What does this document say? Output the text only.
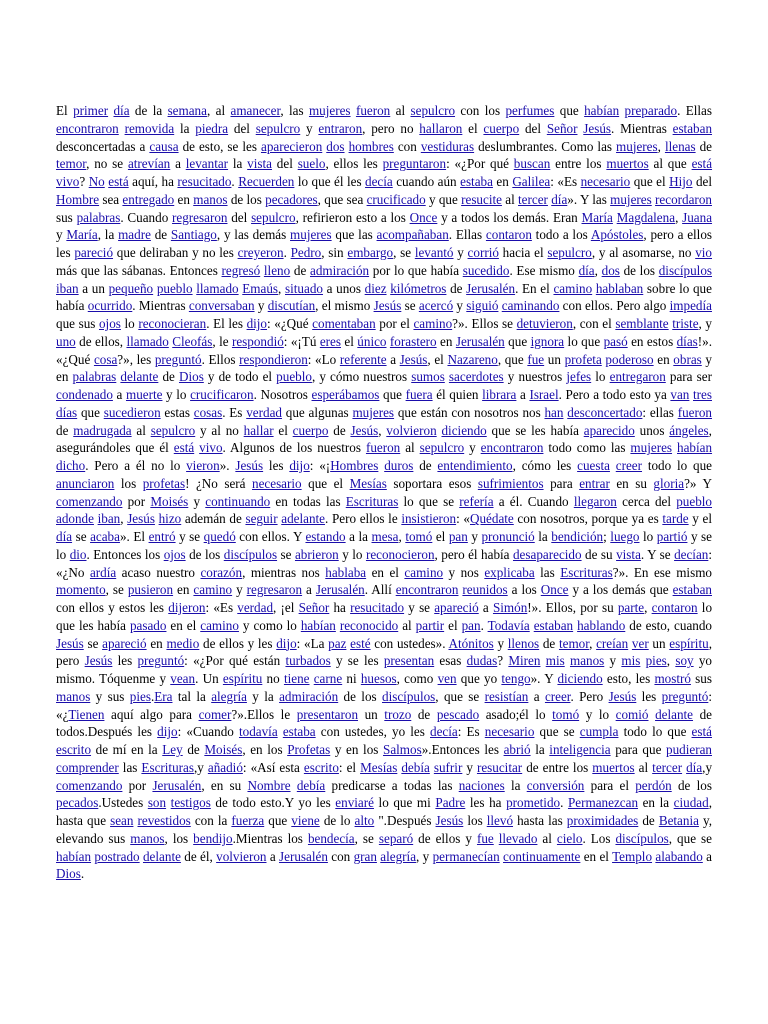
El primer día de la semana, al amanecer, las mujeres fueron al sepulcro con los perfumes que habían preparado. Ellas encontraron removida la piedra del sepulcro y entraron, pero no hallaron el cuerpo del Señor Jesús. Mientras estaban desconcertadas a causa de esto, se les aparecieron dos hombres con vestiduras deslumbrantes. Como las mujeres, llenas de temor, no se atrevían a levantar la vista del suelo, ellos les preguntaron: «¿Por qué buscan entre los muertos al que está vivo? No está aquí, ha resucitado. Recuerden lo que él les decía cuando aún estaba en Galilea: «Es necesario que el Hijo del Hombre sea entregado en manos de los pecadores, que sea crucificado y que resucite al tercer día». Y las mujeres recordaron sus palabras. Cuando regresaron del sepulcro, refirieron esto a los Once y a todos los demás. Eran María Magdalena, Juana y María, la madre de Santiago, y las demás mujeres que las acompañaban. Ellas contaron todo a los Apóstoles, pero a ellos les pareció que deliraban y no les creyeron. Pedro, sin embargo, se levantó y corrió hacia el sepulcro, y al asomarse, no vio más que las sábanas. Entonces regresó lleno de admiración por lo que había sucedido. Ese mismo día, dos de los discípulos iban a un pequeño pueblo llamado Emaús, situado a unos diez kilómetros de Jerusalén. En el camino hablaban sobre lo que había ocurrido. Mientras conversaban y discutían, el mismo Jesús se acercó y siguió caminando con ellos. Pero algo impedía que sus ojos lo reconocieran. El les dijo: «¿Qué comentaban por el camino?». Ellos se detuvieron, con el semblante triste, y uno de ellos, llamado Cleofás, le respondió: «¡Tú eres el único forastero en Jerusalén que ignora lo que pasó en estos días!». «¿Qué cosa?», les preguntó. Ellos respondieron: «Lo referente a Jesús, el Nazareno, que fue un profeta poderoso en obras y en palabras delante de Dios y de todo el pueblo, y cómo nuestros sumos sacerdotes y nuestros jefes lo entregaron para ser condenado a muerte y lo crucificaron. Nosotros esperábamos que fuera él quien librara a Israel. Pero a todo esto ya van tres días que sucedieron estas cosas. Es verdad que algunas mujeres que están con nosotros nos han desconcertado: ellas fueron de madrugada al sepulcro y al no hallar el cuerpo de Jesús, volvieron diciendo que se les había aparecido unos ángeles, asegurándoles que él está vivo. Algunos de los nuestros fueron al sepulcro y encontraron todo como las mujeres habían dicho. Pero a él no lo vieron». Jesús les dijo: «¡Hombres duros de entendimiento, cómo les cuesta creer todo lo que anunciaron los profetas! ¿No será necesario que el Mesías soportara esos sufrimientos para entrar en su gloria?» Y comenzando por Moisés y continuando en todas las Escrituras lo que se refería a él. Cuando llegaron cerca del pueblo adonde iban, Jesús hizo ademán de seguir adelante. Pero ellos le insistieron: «Quédate con nosotros, porque ya es tarde y el día se acaba». El entró y se quedó con ellos. Y estando a la mesa, tomó el pan y pronunció la bendición; luego lo partió y se lo dio. Entonces los ojos de los discípulos se abrieron y lo reconocieron, pero él había desaparecido de su vista. Y se decían: «¿No ardía acaso nuestro corazón, mientras nos hablaba en el camino y nos explicaba las Escrituras?». En ese mismo momento, se pusieron en camino y regresaron a Jerusalén. Allí encontraron reunidos a los Once y a los demás que estaban con ellos y estos les dijeron: «Es verdad, ¡el Señor ha resucitado y se apareció a Simón!». Ellos, por su parte, contaron lo que les había pasado en el camino y como lo habían reconocido al partir el pan. Todavía estaban hablando de esto, cuando Jesús se apareció en medio de ellos y les dijo: «La paz esté con ustedes». Atónitos y llenos de temor, creían ver un espíritu, pero Jesús les preguntó: «¿Por qué están turbados y se les presentan esas dudas? Miren mis manos y mis pies, soy yo mismo. Tóquenme y vean. Un espíritu no tiene carne ni huesos, como ven que yo tengo». Y diciendo esto, les mostró sus manos y sus pies.Era tal la alegría y la admiración de los discípulos, que se resistían a creer. Pero Jesús les preguntó: «¿Tienen aquí algo para comer?».Ellos le presentaron un trozo de pescado asado;él lo tomó y lo comió delante de todos.Después les dijo: «Cuando todavía estaba con ustedes, yo les decía: Es necesario que se cumpla todo lo que está escrito de mí en la Ley de Moisés, en los Profetas y en los Salmos».Entonces les abrió la inteligencia para que pudieran comprender las Escrituras,y añadió: «Así esta escrito: el Mesías debía sufrir y resucitar de entre los muertos al tercer día,y comenzando por Jerusalén, en su Nombre debía predicarse a todas las naciones la conversión para el perdón de los pecados.Ustedes son testigos de todo esto.Y yo les enviaré lo que mi Padre les ha prometido. Permanezcan en la ciudad, hasta que sean revestidos con la fuerza que viene de lo alto ".Después Jesús los llevó hasta las proximidades de Betania y, elevando sus manos, los bendijo.Mientras los bendecía, se separó de ellos y fue llevado al cielo. Los discípulos, que se habían postrado delante de él, volvieron a Jerusalén con gran alegría, y permanecían continuamente en el Templo alabando a Dios.
